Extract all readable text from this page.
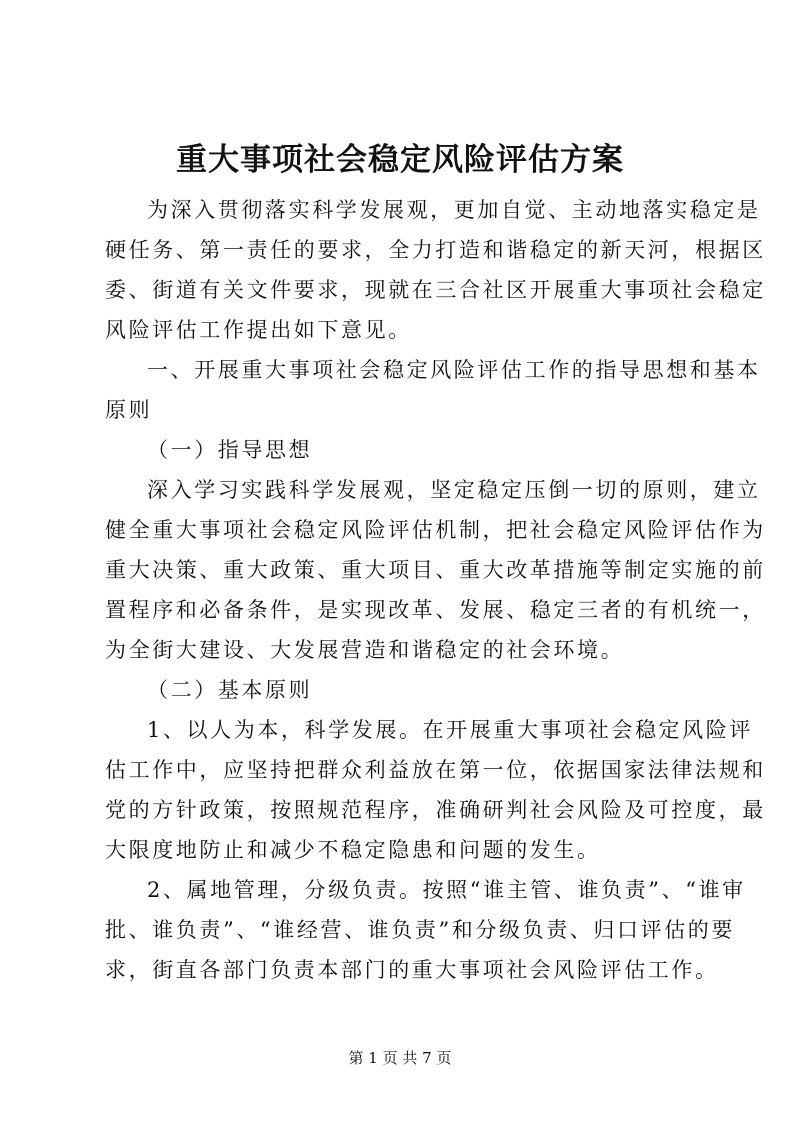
重大事项社会稳定风险评估方案
为深入贯彻落实科学发展观，更加自觉、主动地落实稳定是
硬任务、第一责任的要求，全力打造和谐稳定的新天河，根据区
委、街道有关文件要求，现就在三合社区开展重大事项社会稳定
风险评估工作提出如下意见。
一、开展重大事项社会稳定风险评估工作的指导思想和基本
原则
（一）指导思想
深入学习实践科学发展观，坚定稳定压倒一切的原则，建立
健全重大事项社会稳定风险评估机制，把社会稳定风险评估作为
重大决策、重大政策、重大项目、重大改革措施等制定实施的前
置程序和必备条件，是实现改革、发展、稳定三者的有机统一，
为全街大建设、大发展营造和谐稳定的社会环境。
（二）基本原则
1、以人为本，科学发展。在开展重大事项社会稳定风险评
估工作中，应坚持把群众利益放在第一位，依据国家法律法规和
党的方针政策，按照规范程序，准确研判社会风险及可控度，最
大限度地防止和减少不稳定隐患和问题的发生。
2、属地管理，分级负责。按照“谁主管、谁负责”、“谁审
批、谁负责”、“谁经营、谁负责”和分级负责、归口评估的要
求，街直各部门负责本部门的重大事项社会风险评估工作。
第 1 页 共 7 页
